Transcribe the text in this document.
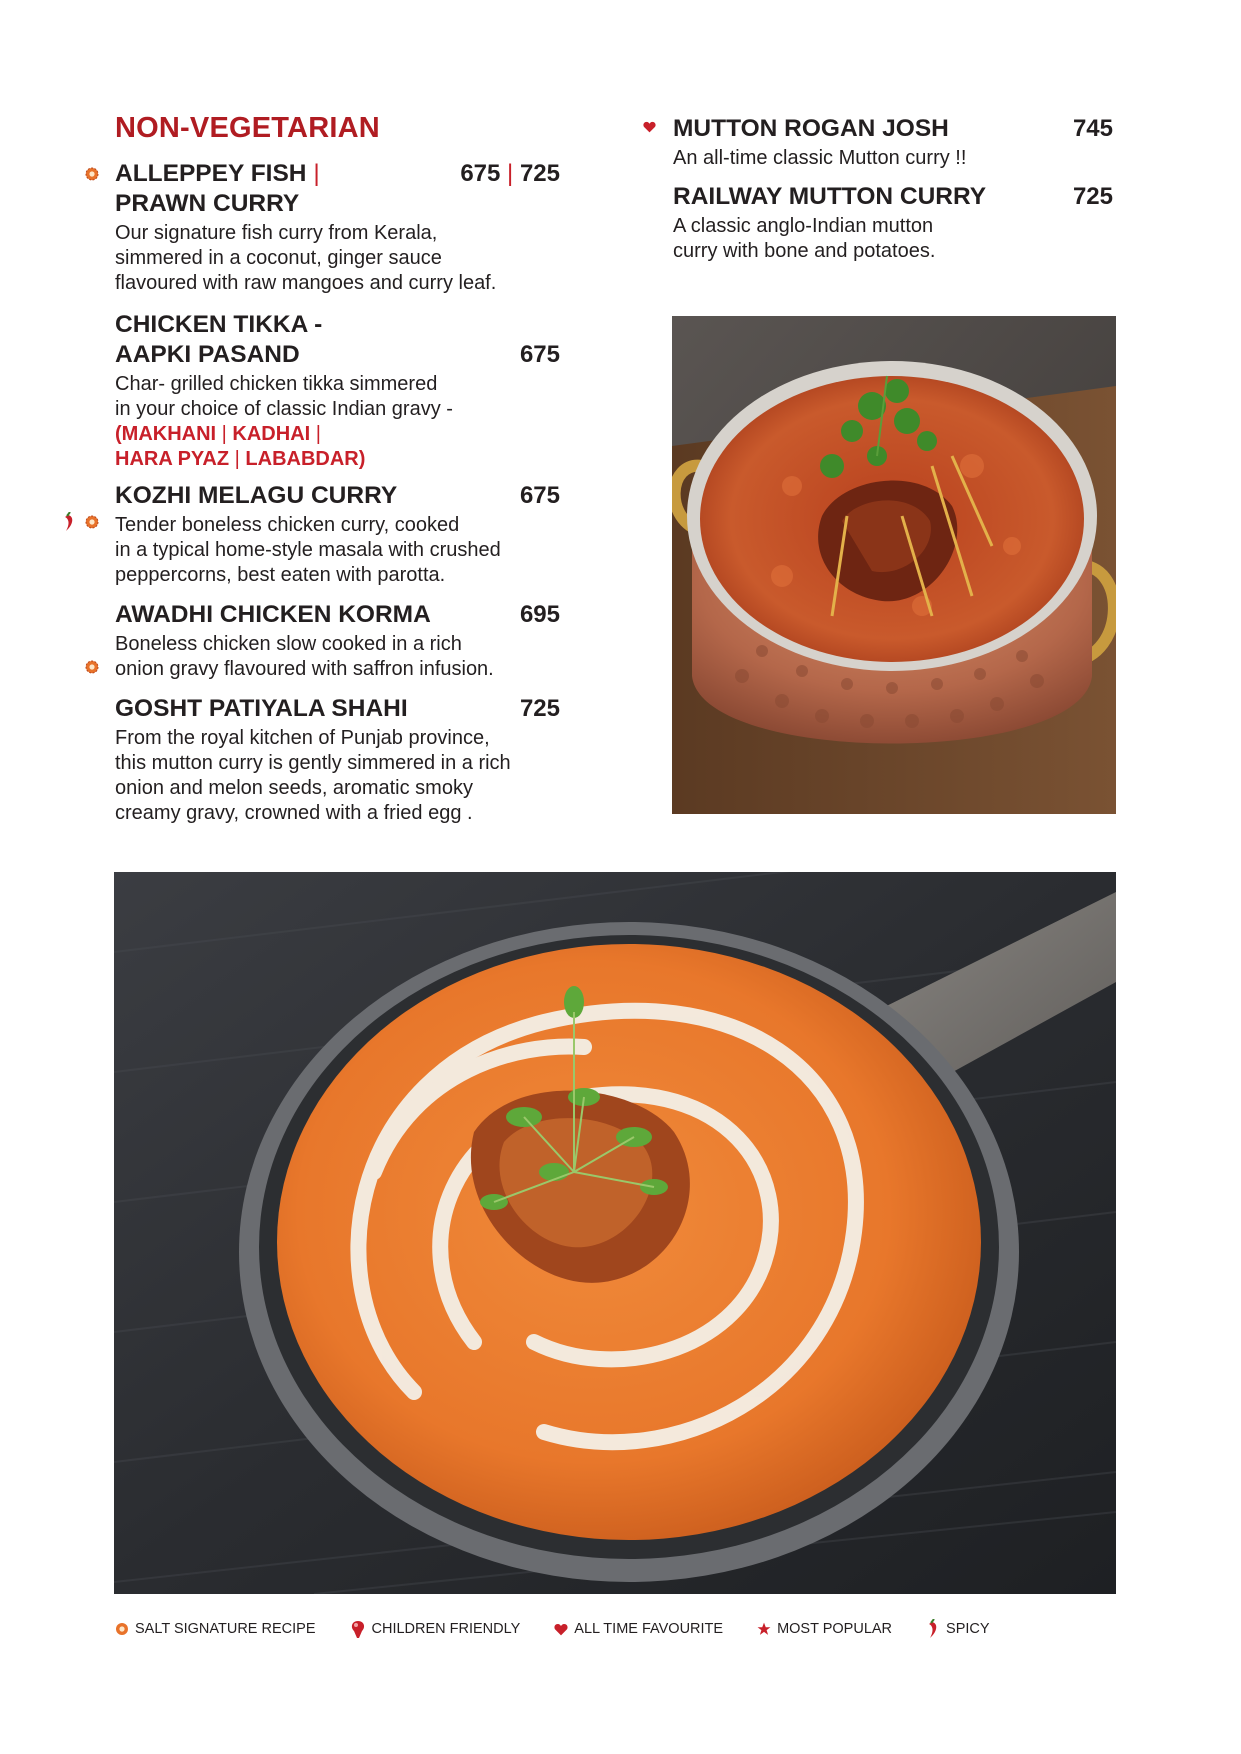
NON-VEGETARIAN
ALLEPPEY FISH |
PRAWN CURRY
675 | 725
Our signature fish curry from Kerala,
simmered in a coconut, ginger sauce
flavoured with raw mangoes and curry leaf.
CHICKEN TIKKA -
AAPKI PASAND	675
Char- grilled chicken tikka simmered
in your choice of classic Indian gravy -
(MAKHANI | KADHAI |
HARA PYAZ | LABABDAR)
KOZHI MELAGU CURRY	675
Tender boneless chicken curry, cooked
in a typical home-style masala with crushed
peppercorns, best eaten with parotta.
AWADHI CHICKEN KORMA	695
Boneless chicken slow cooked in a rich
onion gravy flavoured with saffron infusion.
GOSHT PATIYALA SHAHI	725
From the royal kitchen of Punjab province,
this mutton curry is gently simmered in a rich
onion and melon seeds, aromatic smoky
creamy gravy, crowned with a fried egg .
MUTTON ROGAN JOSH	745
An all-time classic Mutton curry !!
RAILWAY MUTTON CURRY	725
A classic anglo-Indian mutton
curry with bone and potatoes.
SALT SIGNATURE RECIPE	CHILDREN FRIENDLY	ALL TIME FAVOURITE	MOST POPULAR	SPICY
